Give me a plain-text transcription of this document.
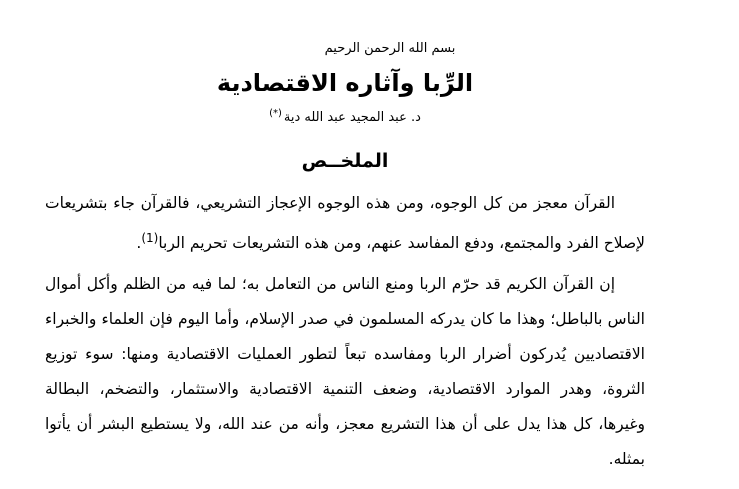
بسم الله الرحمن الرحيم
الرِّبا وآثاره الاقتصادية
د. عبد المجيد عبد الله دية(*)
الملخــص

القرآن معجز من كل الوجوه، ومن هذه الوجوه الإعجاز التشريعي، فالقرآن جاء بتشريعات لإصلاح الفرد والمجتمع، ودفع المفاسد عنهم، ومن هذه التشريعات تحريم الربا$^{(1)}$.

إن القرآن الكريم قد حرّم الربا ومنع الناس من التعامل به؛ لما فيه من الظلم وأكل أموال الناس بالباطل؛ وهذا ما كان يدركه المسلمون في صدر الإسلام، وأما اليوم فإن العلماء والخبراء الاقتصاديين يُدركون أضرار الربا ومفاسده تبعاً لتطور العمليات الاقتصادية ومنها: سوء توزيع الثروة، وهدر الموارد الاقتصادية، وضعف التنمية الاقتصادية والاستثمار، والتضخم، البطالة وغيرها، كل هذا يدل على أن هذا التشريع معجز، وأنه من عند الله، ولا يستطيع البشر أن يأتوا بمثله.
